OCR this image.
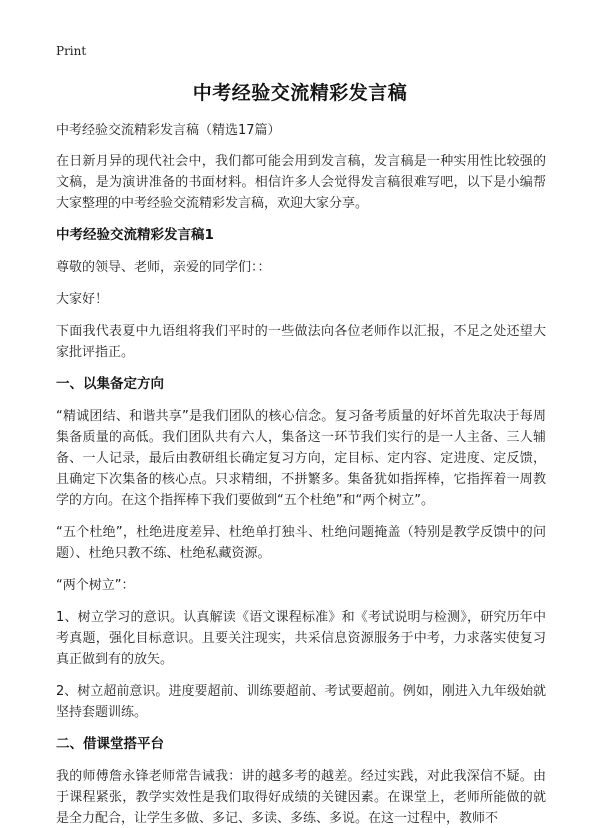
Print
中考经验交流精彩发言稿

中考经验交流精彩发言稿（精选17篇）

在日新月异的现代社会中，我们都可能会用到发言稿，发言稿是一种实用性比较强的文稿，是为演讲准备的书面材料。相信许多人会觉得发言稿很难写吧，以下是小编帮大家整理的中考经验交流精彩发言稿，欢迎大家分享。

中考经验交流精彩发言稿1

尊敬的领导、老师，亲爱的同学们：：

大家好！

下面我代表夏中九语组将我们平时的一些做法向各位老师作以汇报，不足之处还望大家批评指正。

一、以集备定方向

“精诚团结、和谐共享”是我们团队的核心信念。复习备考质量的好坏首先取决于每周集备质量的高低。我们团队共有六人，集备这一环节我们实行的是一人主备、三人辅备、一人记录，最后由教研组长确定复习方向，定目标、定内容、定进度、定反馈，且确定下次集备的核心点。只求精细，不拼繁多。集备犹如指挥棒，它指挥着一周教学的方向。在这个指挥棒下我们要做到“五个杜绝”和“两个树立”。

“五个杜绝”，杜绝进度差异、杜绝单打独斗、杜绝问题掩盖（特别是教学反馈中的问题）、杜绝只教不练、杜绝私藏资源。

“两个树立”：

1、树立学习的意识。认真解读《语文课程标准》和《考试说明与检测》，研究历年中考真题，强化目标意识。且要关注现实，共采信息资源服务于中考，力求落实使复习真正做到有的放矢。

2、树立超前意识。进度要超前、训练要超前、考试要超前。例如，刚进入九年级始就坚持套题训练。

二、借课堂搭平台

我的师傅詹永锋老师常告诫我：讲的越多考的越差。经过实践，对此我深信不疑。由于课程紧张，教学实效性是我们取得好成绩的关键因素。在课堂上，老师所能做的就是全力配合，让学生多做、多记、多读、多练、多说。在这一过程中，教师不
